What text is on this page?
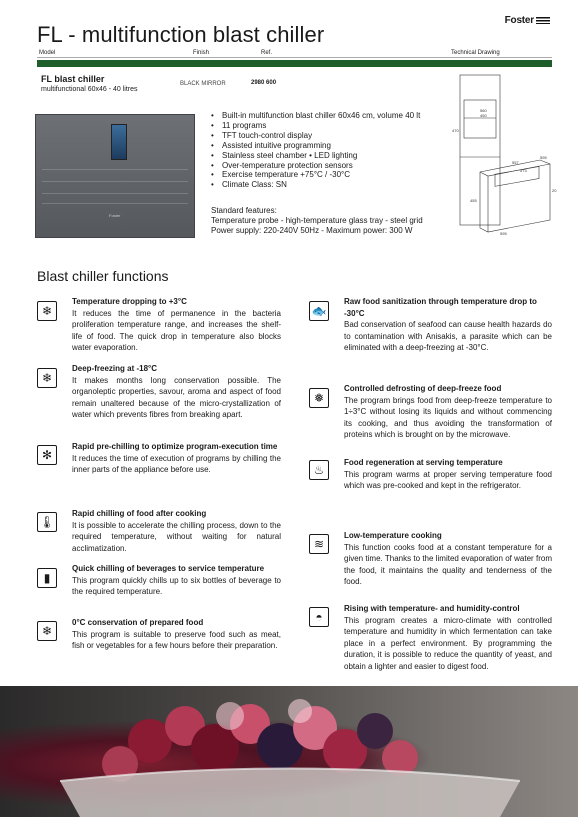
Foster
FL - multifunction blast chiller
Model	Finish	Ref.	Technical Drawing
FL blast chiller
multifunctional 60x46 - 40 litres
BLACK MIRROR	2980 600
Foster
• Built-in multifunction blast chiller 60x46 cm, volume 40 lt
• 11 programs
• TFT touch-control display
• Assisted intuitive programming
• Stainless steel chamber • LED lighting
• Over-temperature protection sensors
• Exercise temperature +75°C / -30°C
• Climate Class: SN
Standard features:
Temperature probe - high-temperature glass tray - steel grid
Power supply: 220-240V 50Hz - Maximum power: 300 W
470
560
450
557
595
455
573
20
595
Blast chiller functions
❄
Temperature dropping to +3°C
It reduces the time of permanence in the bacteria proliferation temperature range, and increases the shelf-life of food. The quick drop in temperature also blocks water evaporation.
❄
Deep-freezing at -18°C
It makes months long conservation possible. The organoleptic properties, savour, aroma and aspect of food remain unaltered because of the micro-crystallization of water which prevents fibres from breaking apart.
✻
Rapid pre-chilling to optimize program-execution time
It reduces the time of execution of programs by chilling the inner parts of the appliance before use.
🌡
Rapid chilling of food after cooking
It is possible to accelerate the chilling process, down to the required temperature, without waiting for natural acclimatization.
▮
Quick chilling of beverages to service temperature
This program quickly chills up to six bottles of beverage to the required temperature.
❄
0°C conservation of prepared food
This program is suitable to preserve food such as meat, fish or vegetables for a few hours before their preparation.
🐟
Raw food sanitization through temperature drop to -30°C
Bad conservation of seafood can cause health hazards do to contamination with Anisakis, a parasite which can be eliminated with a deep-freezing at -30°C.
❅
Controlled defrosting of deep-freeze food
The program brings food from deep-freeze temperature to 1÷3°C without losing its liquids and without commencing its cooking, and thus avoiding the transformation of proteins which is brought on by the microwave.
♨
Food regeneration at serving temperature
This program warms at proper serving temperature food which was pre-cooked and kept in the refrigerator.
≋
Low-temperature cooking
This function cooks food at a constant temperature for a given time. Thanks to the limited evaporation of water from the food, it maintains the quality and tenderness of the food.
◓
Rising with temperature- and humidity-control
This program creates a micro-climate with controlled temperature and humidity in which fermentation can take place in a perfect environment. By programming the duration, it is possible to reduce the quantity of yeast, and obtain a lighter and easier to digest food.
